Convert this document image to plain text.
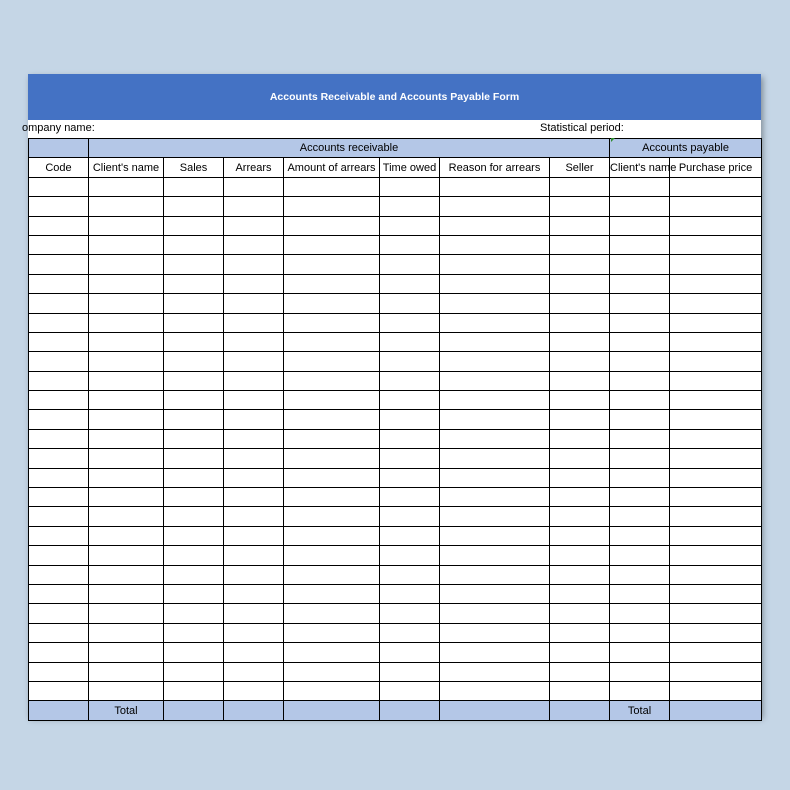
Accounts Receivable and Accounts Payable Form
ompany name:	Statistical period:
	Accounts receivable							Accounts payable	
Code	Client's name	Sales	Arrears	Amount of arrears	Time owed	Reason for arrears	Seller	Client's name	Purchase price

	Total							Total	
